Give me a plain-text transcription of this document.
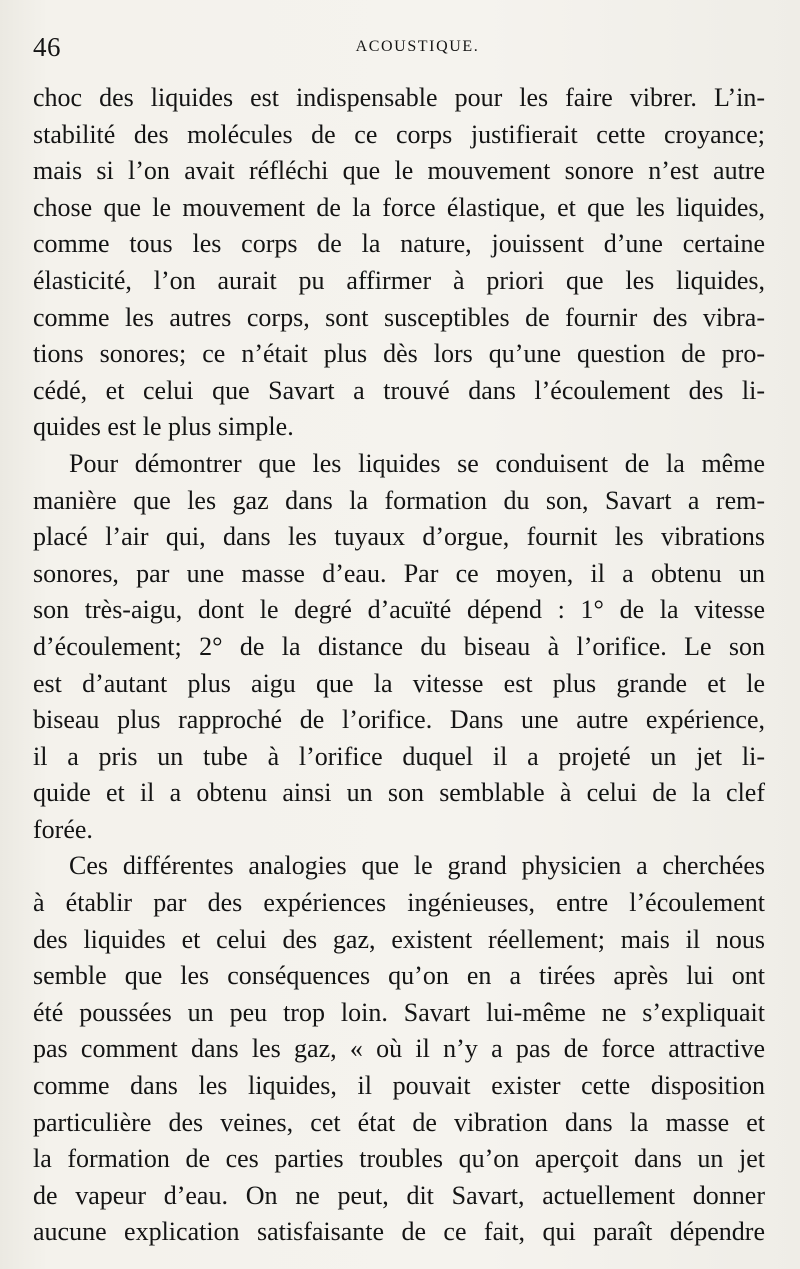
46	ACOUSTIQUE.
choc des liquides est indispensable pour les faire vibrer. L’in-
stabilité des molécules de ce corps justifierait cette croyance;
mais si l’on avait réfléchi que le mouvement sonore n’est autre
chose que le mouvement de la force élastique, et que les liquides,
comme tous les corps de la nature, jouissent d’une certaine
élasticité, l’on aurait pu affirmer à priori que les liquides,
comme les autres corps, sont susceptibles de fournir des vibra-
tions sonores; ce n’était plus dès lors qu’une question de pro-
cédé, et celui que Savart a trouvé dans l’écoulement des li-
quides est le plus simple.
Pour démontrer que les liquides se conduisent de la même
manière que les gaz dans la formation du son, Savart a rem-
placé l’air qui, dans les tuyaux d’orgue, fournit les vibrations
sonores, par une masse d’eau. Par ce moyen, il a obtenu un
son très-aigu, dont le degré d’acuïté dépend : 1° de la vitesse
d’écoulement; 2° de la distance du biseau à l’orifice. Le son
est d’autant plus aigu que la vitesse est plus grande et le
biseau plus rapproché de l’orifice. Dans une autre expérience,
il a pris un tube à l’orifice duquel il a projeté un jet li-
quide et il a obtenu ainsi un son semblable à celui de la clef
forée.
Ces différentes analogies que le grand physicien a cherchées
à établir par des expériences ingénieuses, entre l’écoulement
des liquides et celui des gaz, existent réellement; mais il nous
semble que les conséquences qu’on en a tirées après lui ont
été poussées un peu trop loin. Savart lui-même ne s’expliquait
pas comment dans les gaz, « où il n’y a pas de force attractive
comme dans les liquides, il pouvait exister cette disposition
particulière des veines, cet état de vibration dans la masse et
la formation de ces parties troubles qu’on aperçoit dans un jet
de vapeur d’eau. On ne peut, dit Savart, actuellement donner
aucune explication satisfaisante de ce fait, qui paraît dépendre
